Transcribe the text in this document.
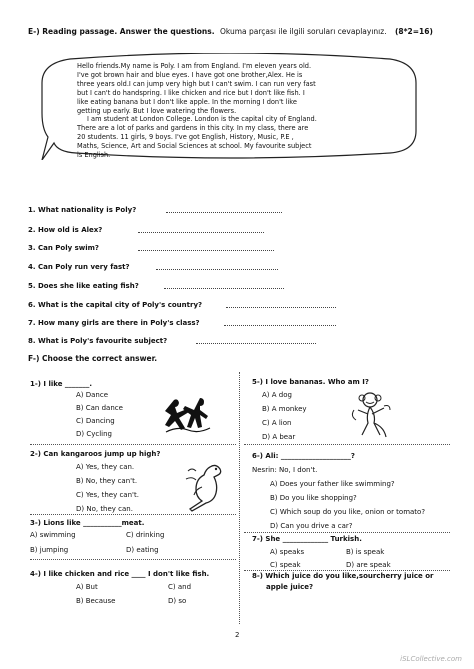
E-) Reading passage. Answer the questions. Okuma parçası ile ilgili soruları cevaplayınız. (8*2=16)
Hello friends.My name is Poly. I am from England. I'm eleven years old.
I've got brown hair and blue eyes. I have got one brother,Alex. He is
three years old.I can jump very high but I can't swim. I can run very fast
but I can't do handspring. I like chicken and rice but I don't like fish. I
like eating banana but I don't like apple. In the morning I don't like
getting up early. But I love watering the flowers.
I am student at London College. London is the capital city of England.
There are a lot of parks and gardens in this city. In my class, there are
20 students. 11 girls, 9 boys. I've got English, History, Music, P.E ,
Maths, Science, Art and Social Sciences at school. My favourite subject
is English.
1. What nationality is Poly?
2. How old is Alex?
3. Can Poly swim?
4. Can Poly run very fast?
5. Does she like eating fish?
6. What is the capital city of Poly's country?
7. How many girls are there in Poly's class?
8. What is Poly's favourite subject?
F-) Choose the correct answer.
1-) I like _______.
A) Dance
B) Can dance
C) Dancing
D) Cycling
2-) Can kangaroos jump up high?
A) Yes, they can.
B) No, they can't.
C) Yes, they can't.
D) No, they can.
3-) Lions like ___________meat.
A) swimming	C) drinking
B) jumping	D) eating
4-) I like chicken and rice ____ I don't like fish.
A) But	C) and
B) Because	D) so
5-) I love bananas. Who am I?
A) A dog
B) A monkey
C) A lion
D) A bear
6-) Ali: ____________________?
Nesrin: No, I don't.
A) Does your father like swimming?
B) Do you like shopping?
C) Which soup do you like, onion or tomato?
D) Can you drive a car?
7-) She _____________ Turkish.
A) speaks	B) is speak
C) speak	D) are speak
8-) Which juice do you like,sourcherry juice or
apple juice?
2
iSLCollective.com
